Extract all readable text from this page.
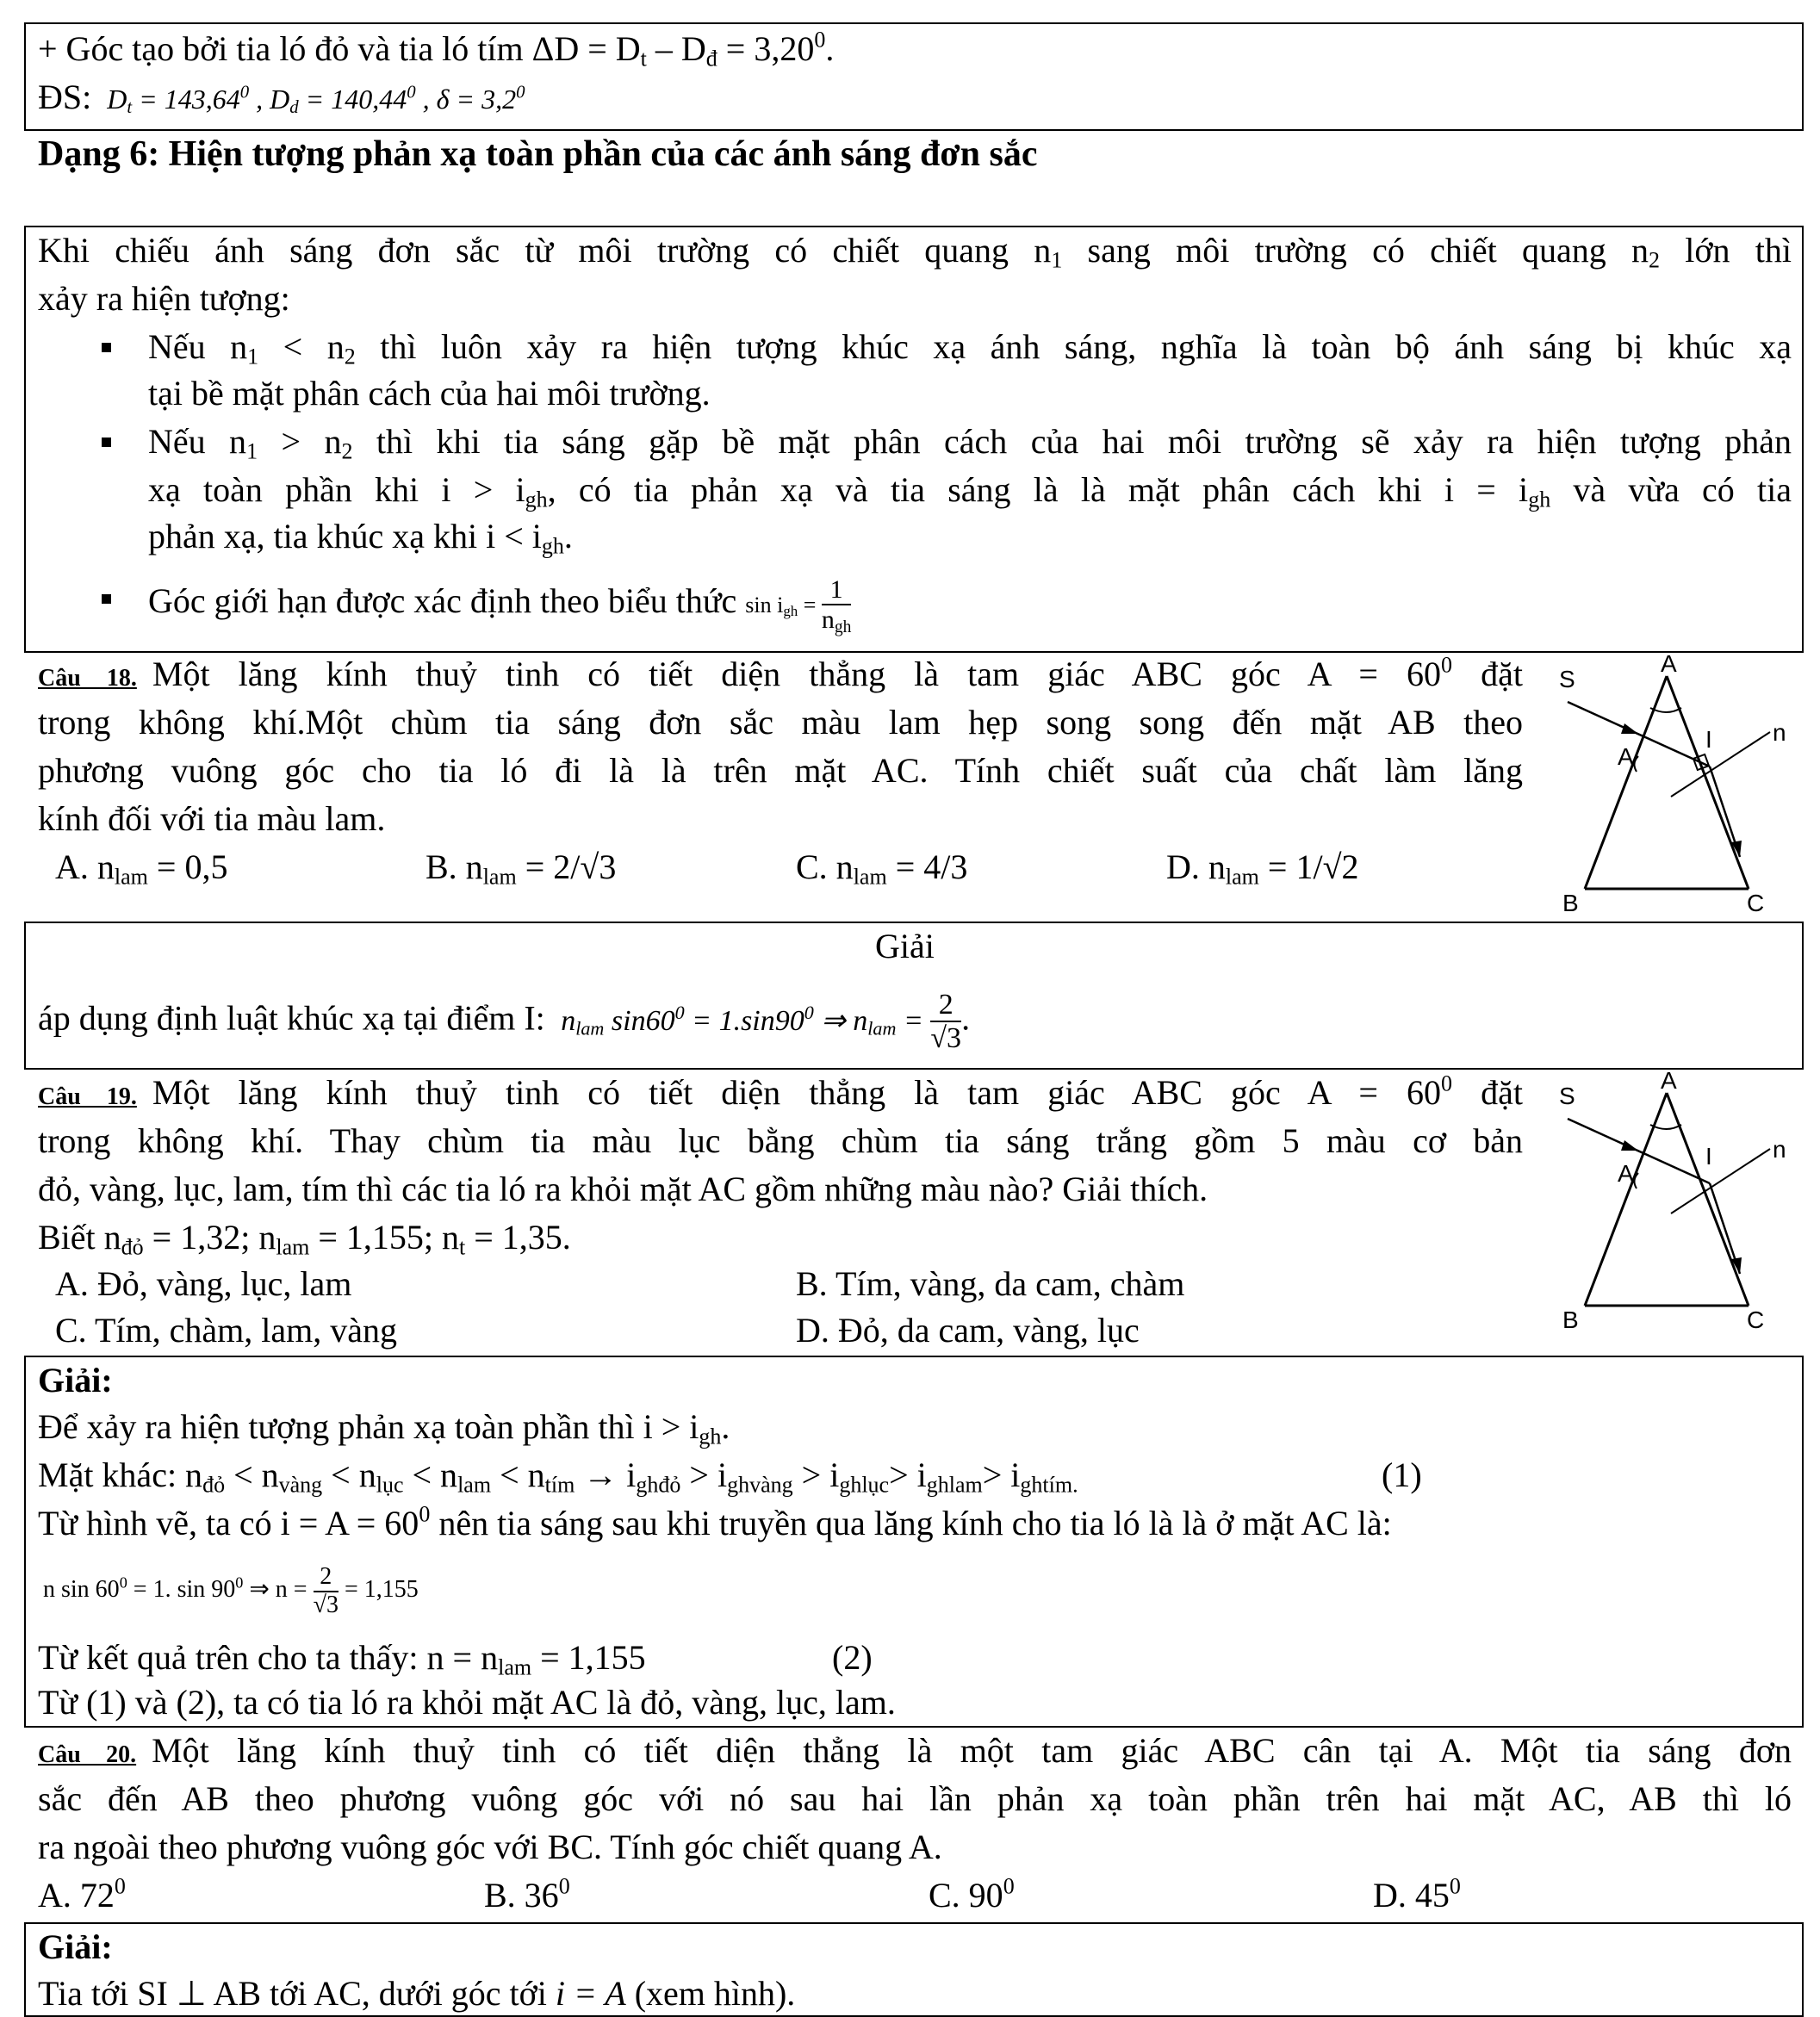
+ Góc tạo bởi tia ló đỏ và tia ló tím $\Delta D = D_t - D_đ = 3,20^0$.
ĐS:  $D_t = 143,64^0$ , $D_d = 140,44^0$ , $\delta = 3,2^0$
Dạng 6: Hiện tượng phản xạ toàn phần của các ánh sáng đơn sắc
Khi chiếu ánh sáng đơn sắc từ môi trường có chiết quang $n_1$ sang môi trường có chiết quang $n_2$ lớn thì
xảy ra hiện tượng:
Nếu $n_1 < n_2$ thì luôn xảy ra hiện tượng khúc xạ ánh sáng, nghĩa là toàn bộ ánh sáng bị khúc xạ
tại bề mặt phân cách của hai môi trường.
Nếu $n_1 > n_2$ thì khi tia sáng gặp bề mặt phân cách của hai môi trường sẽ xảy ra hiện tượng phản
xạ toàn phần khi $i > i_{gh}$, có tia phản xạ và tia sáng là là mặt phân cách khi $i = i_{gh}$ và vừa có tia
phản xạ, tia khúc xạ khi $i < i_{gh}$.
Góc giới hạn được xác định theo biểu thức $\sin i_{gh} = \frac{1}{n_{gh}}$
Câu 18. Một lăng kính thuỷ tinh có tiết diện thẳng là tam giác ABC góc $A = 60^0$ đặt
trong không khí.Một chùm tia sáng đơn sắc màu lam hẹp song song đến mặt AB theo
phương vuông góc cho tia ló đi là là trên mặt AC. Tính chiết suất của chất làm lăng
kính đối với tia màu lam.
A. $n_{lam} = 0,5$	B. $n_{lam} = 2/√3$	C. $n_{lam} = 4/3$	D. $n_{lam} = 1/√2$
A
S
I	n
A
B	C
Giải
áp dụng định luật khúc xạ tại điểm I:  $n_{lam}$ $\sin 60^0 = 1.\sin 90^0$ ⇒ $n_{lam} = \frac{2}{√3}$ .
Câu 19. Một lăng kính thuỷ tinh có tiết diện thẳng là tam giác ABC góc $A = 60^0$ đặt
trong không khí. Thay chùm tia màu lục bằng chùm tia sáng trắng gồm 5 màu cơ bản
đỏ, vàng, lục, lam, tím thì các tia ló ra khỏi mặt AC gồm những màu nào? Giải thích.
Biết $n_{đỏ} = 1,32$; $n_{lam} = 1,155$; $n_t = 1,35$.
A. Đỏ, vàng, lục, lam	B. Tím, vàng, da cam, chàm
C. Tím, chàm, lam, vàng	D. Đỏ, da cam, vàng, lục
A
S
I	n
A
B	C
Giải:
Để xảy ra hiện tượng phản xạ toàn phần thì $i > i_{gh}$.
Mặt khác: $n_{đỏ} < n_{vàng} < n_{lục} < n_{lam} < n_{tím} \to i_{ghđỏ} > i_{ghvàng} > i_{ghlục}> i_{ghlam}> i_{ghtím.}$	(1)
Từ hình vẽ, ta có $i = A = 60^0$ nên tia sáng sau khi truyền qua lăng kính cho tia ló là là ở mặt AC là:
n $\sin 60^0 = 1$. $\sin 90^0$ ⇒ $n = \frac{2}{√3} = 1,155$
Từ kết quả trên cho ta thấy: $n = n_{lam} = 1,155$	(2)
Từ (1) và (2), ta có tia ló ra khỏi mặt AC là đỏ, vàng, lục, lam.
Câu 20. Một lăng kính thuỷ tinh có tiết diện thẳng là một tam giác ABC cân tại A. Một tia sáng đơn
sắc đến AB theo phương vuông góc với nó sau hai lần phản xạ toàn phần trên hai mặt AC, AB thì ló
ra ngoài theo phương vuông góc với BC. Tính góc chiết quang A.
A. $72^0$	B. $36^0$	C. $90^0$	D. $45^0$
Giải:
Tia tới SI ⊥ AB tới AC, dưới góc tới i = A (xem hình).
